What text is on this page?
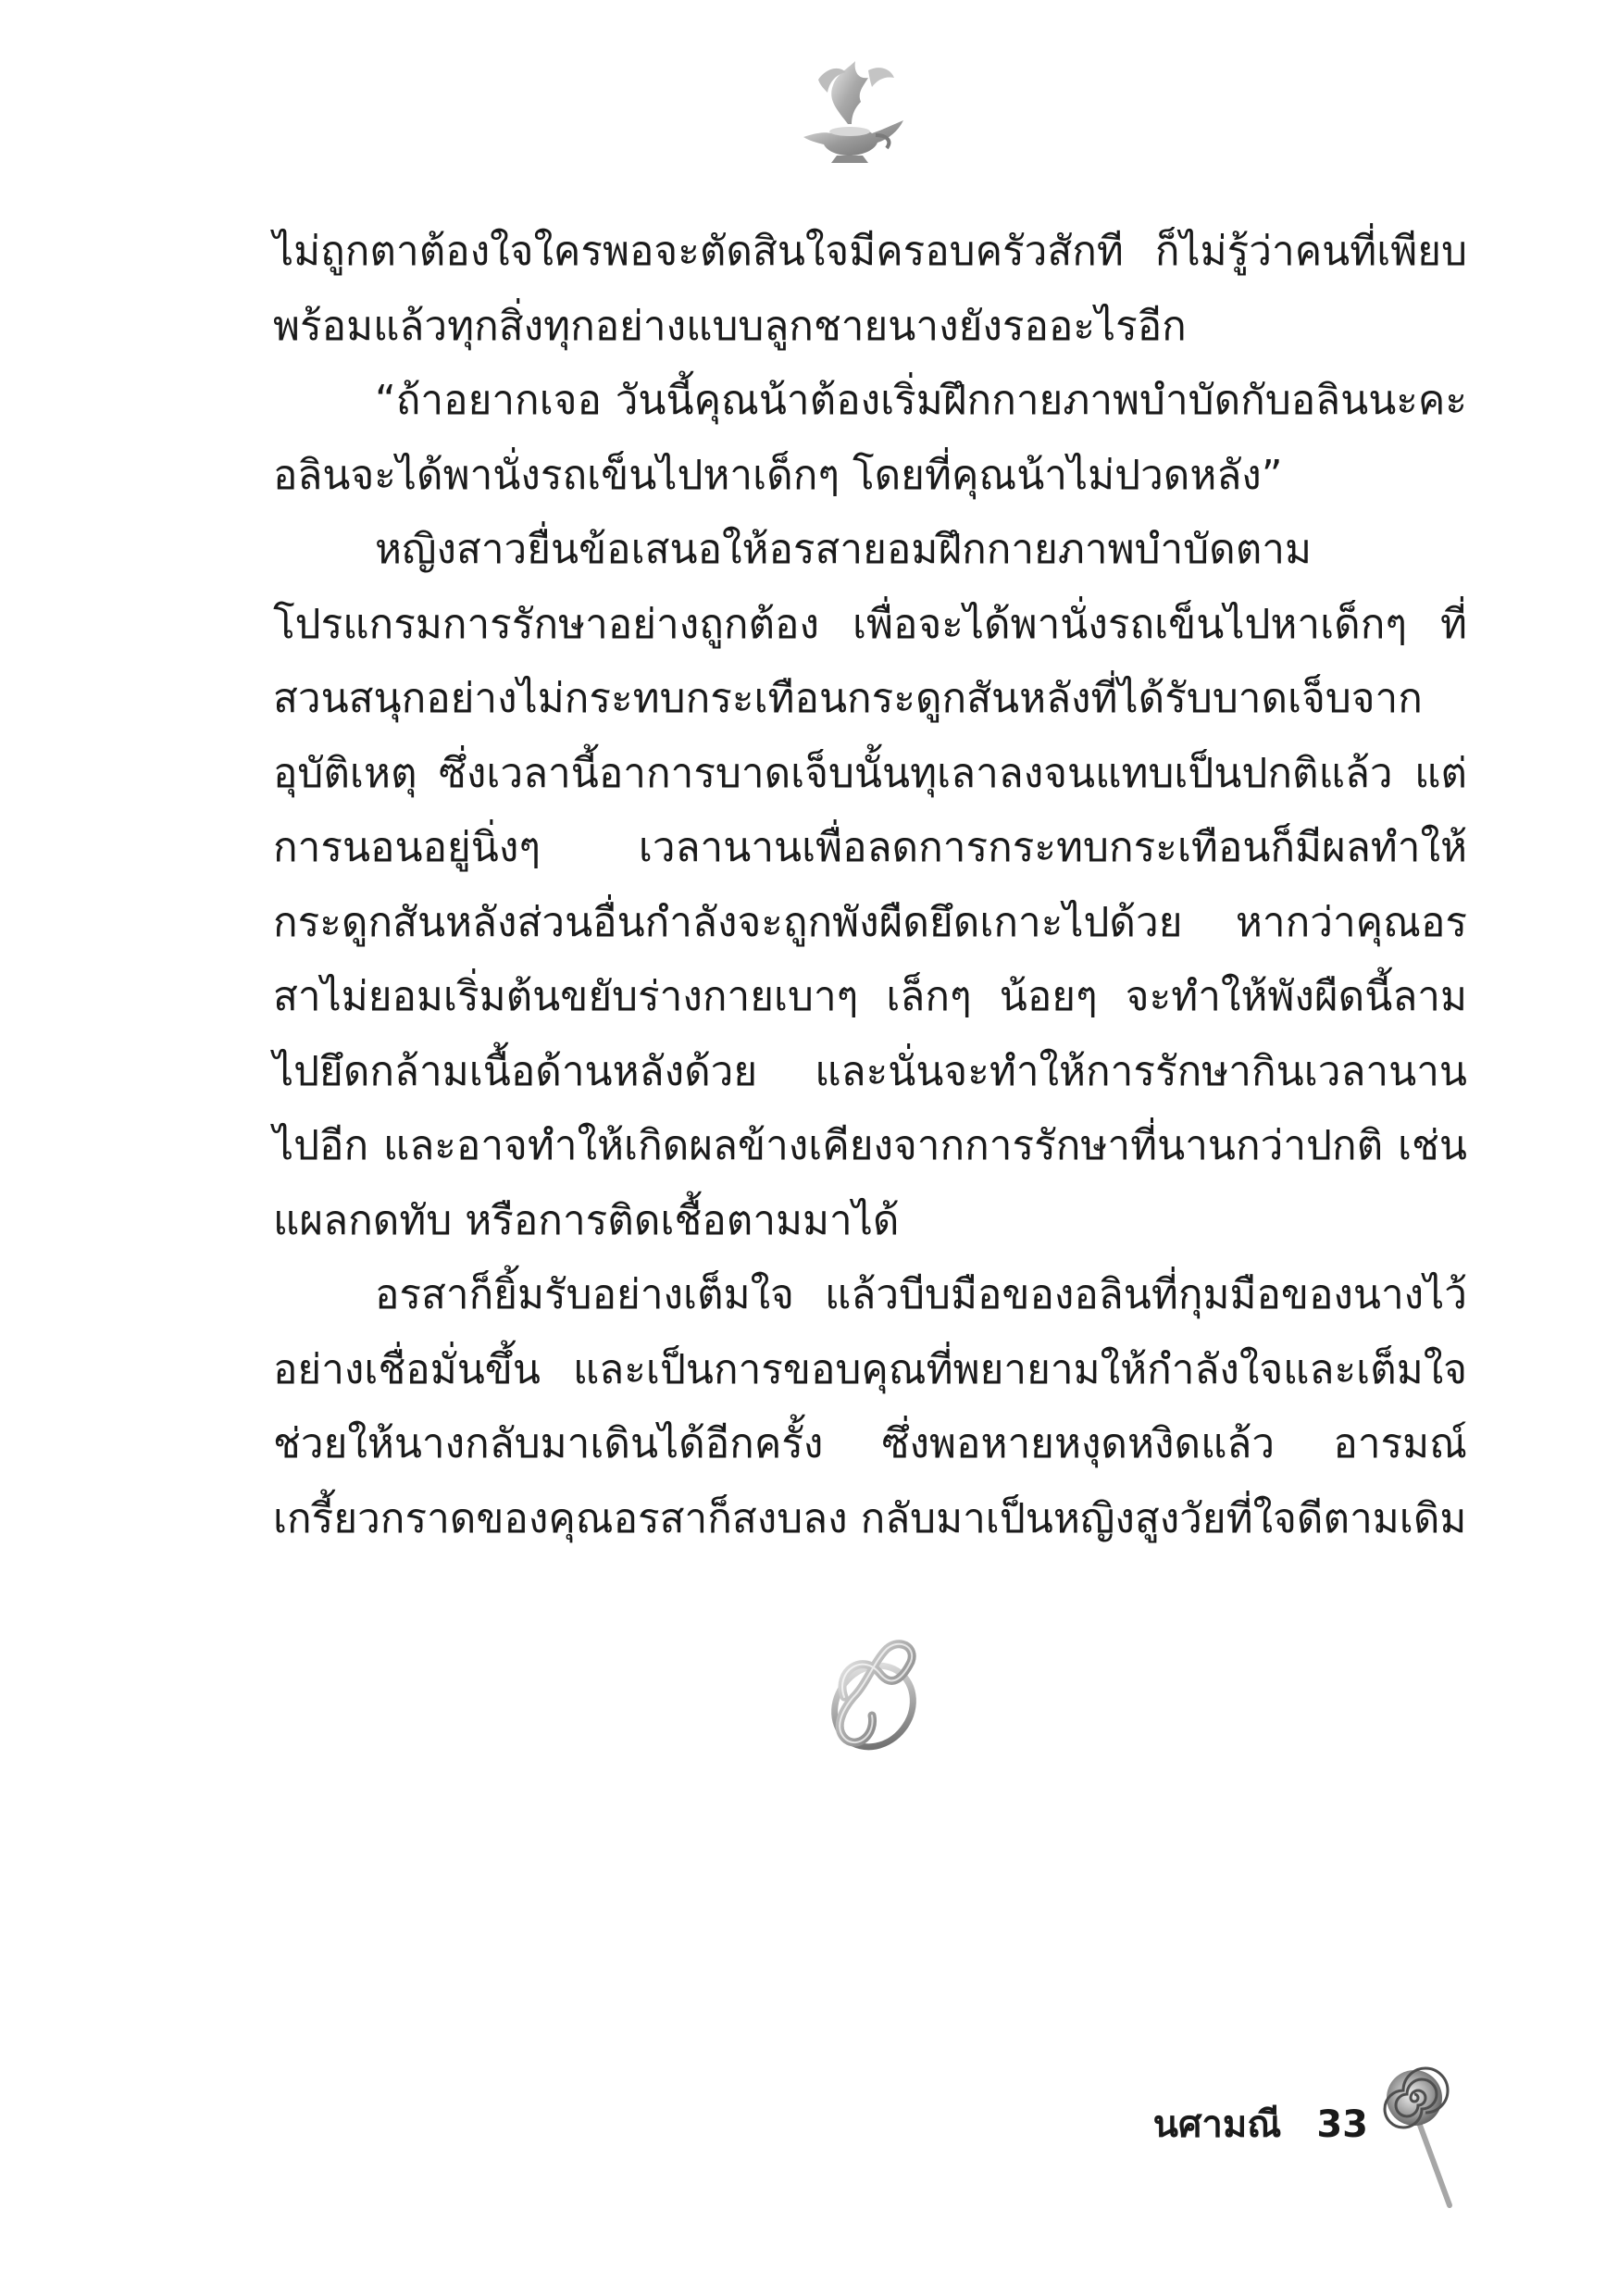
ไม่ถูกตาต้องใจใครพอจะตัดสินใจมีครอบครัวสักที ก็ไม่รู้ว่าคนที่เพียบพร้อมแล้วทุกสิ่งทุกอย่างแบบลูกชายนางยังรออะไรอีก

“ถ้าอยากเจอ วันนี้คุณน้าต้องเริ่มฝึกกายภาพบำบัดกับอลินนะคะ อลินจะได้พานั่งรถเข็นไปหาเด็กๆ โดยที่คุณน้าไม่ปวดหลัง”

หญิงสาวยื่นข้อเสนอให้อรสายอมฝึกกายภาพบำบัดตามโปรแกรมการรักษาอย่างถูกต้อง เพื่อจะได้พานั่งรถเข็นไปหาเด็กๆ ที่สวนสนุกอย่างไม่กระทบกระเทือนกระดูกสันหลังที่ได้รับบาดเจ็บจากอุบัติเหตุ ซึ่งเวลานี้อาการบาดเจ็บนั้นทุเลาลงจนแทบเป็นปกติแล้ว แต่การนอนอยู่นิ่งๆ เวลานานเพื่อลดการกระทบกระเทือนก็มีผลทำให้กระดูกสันหลังส่วนอื่นกำลังจะถูกพังผืดยึดเกาะไปด้วย หากว่าคุณอรสาไม่ยอมเริ่มต้นขยับร่างกายเบาๆ เล็กๆ น้อยๆ จะทำให้พังผืดนี้ลามไปยึดกล้ามเนื้อด้านหลังด้วย และนั่นจะทำให้การรักษากินเวลานานไปอีก และอาจทำให้เกิดผลข้างเคียงจากการรักษาที่นานกว่าปกติ เช่น แผลกดทับ หรือการติดเชื้อตามมาได้

อรสาก็ยิ้มรับอย่างเต็มใจ แล้วบีบมือของอลินที่กุมมือของนางไว้อย่างเชื่อมั่นขึ้น และเป็นการขอบคุณที่พยายามให้กำลังใจและเต็มใจช่วยให้นางกลับมาเดินได้อีกครั้ง ซึ่งพอหายหงุดหงิดแล้ว อารมณ์เกรี้ยวกราดของคุณอรสาก็สงบลง กลับมาเป็นหญิงสูงวัยที่ใจดีตามเดิม

นศามณี 33
